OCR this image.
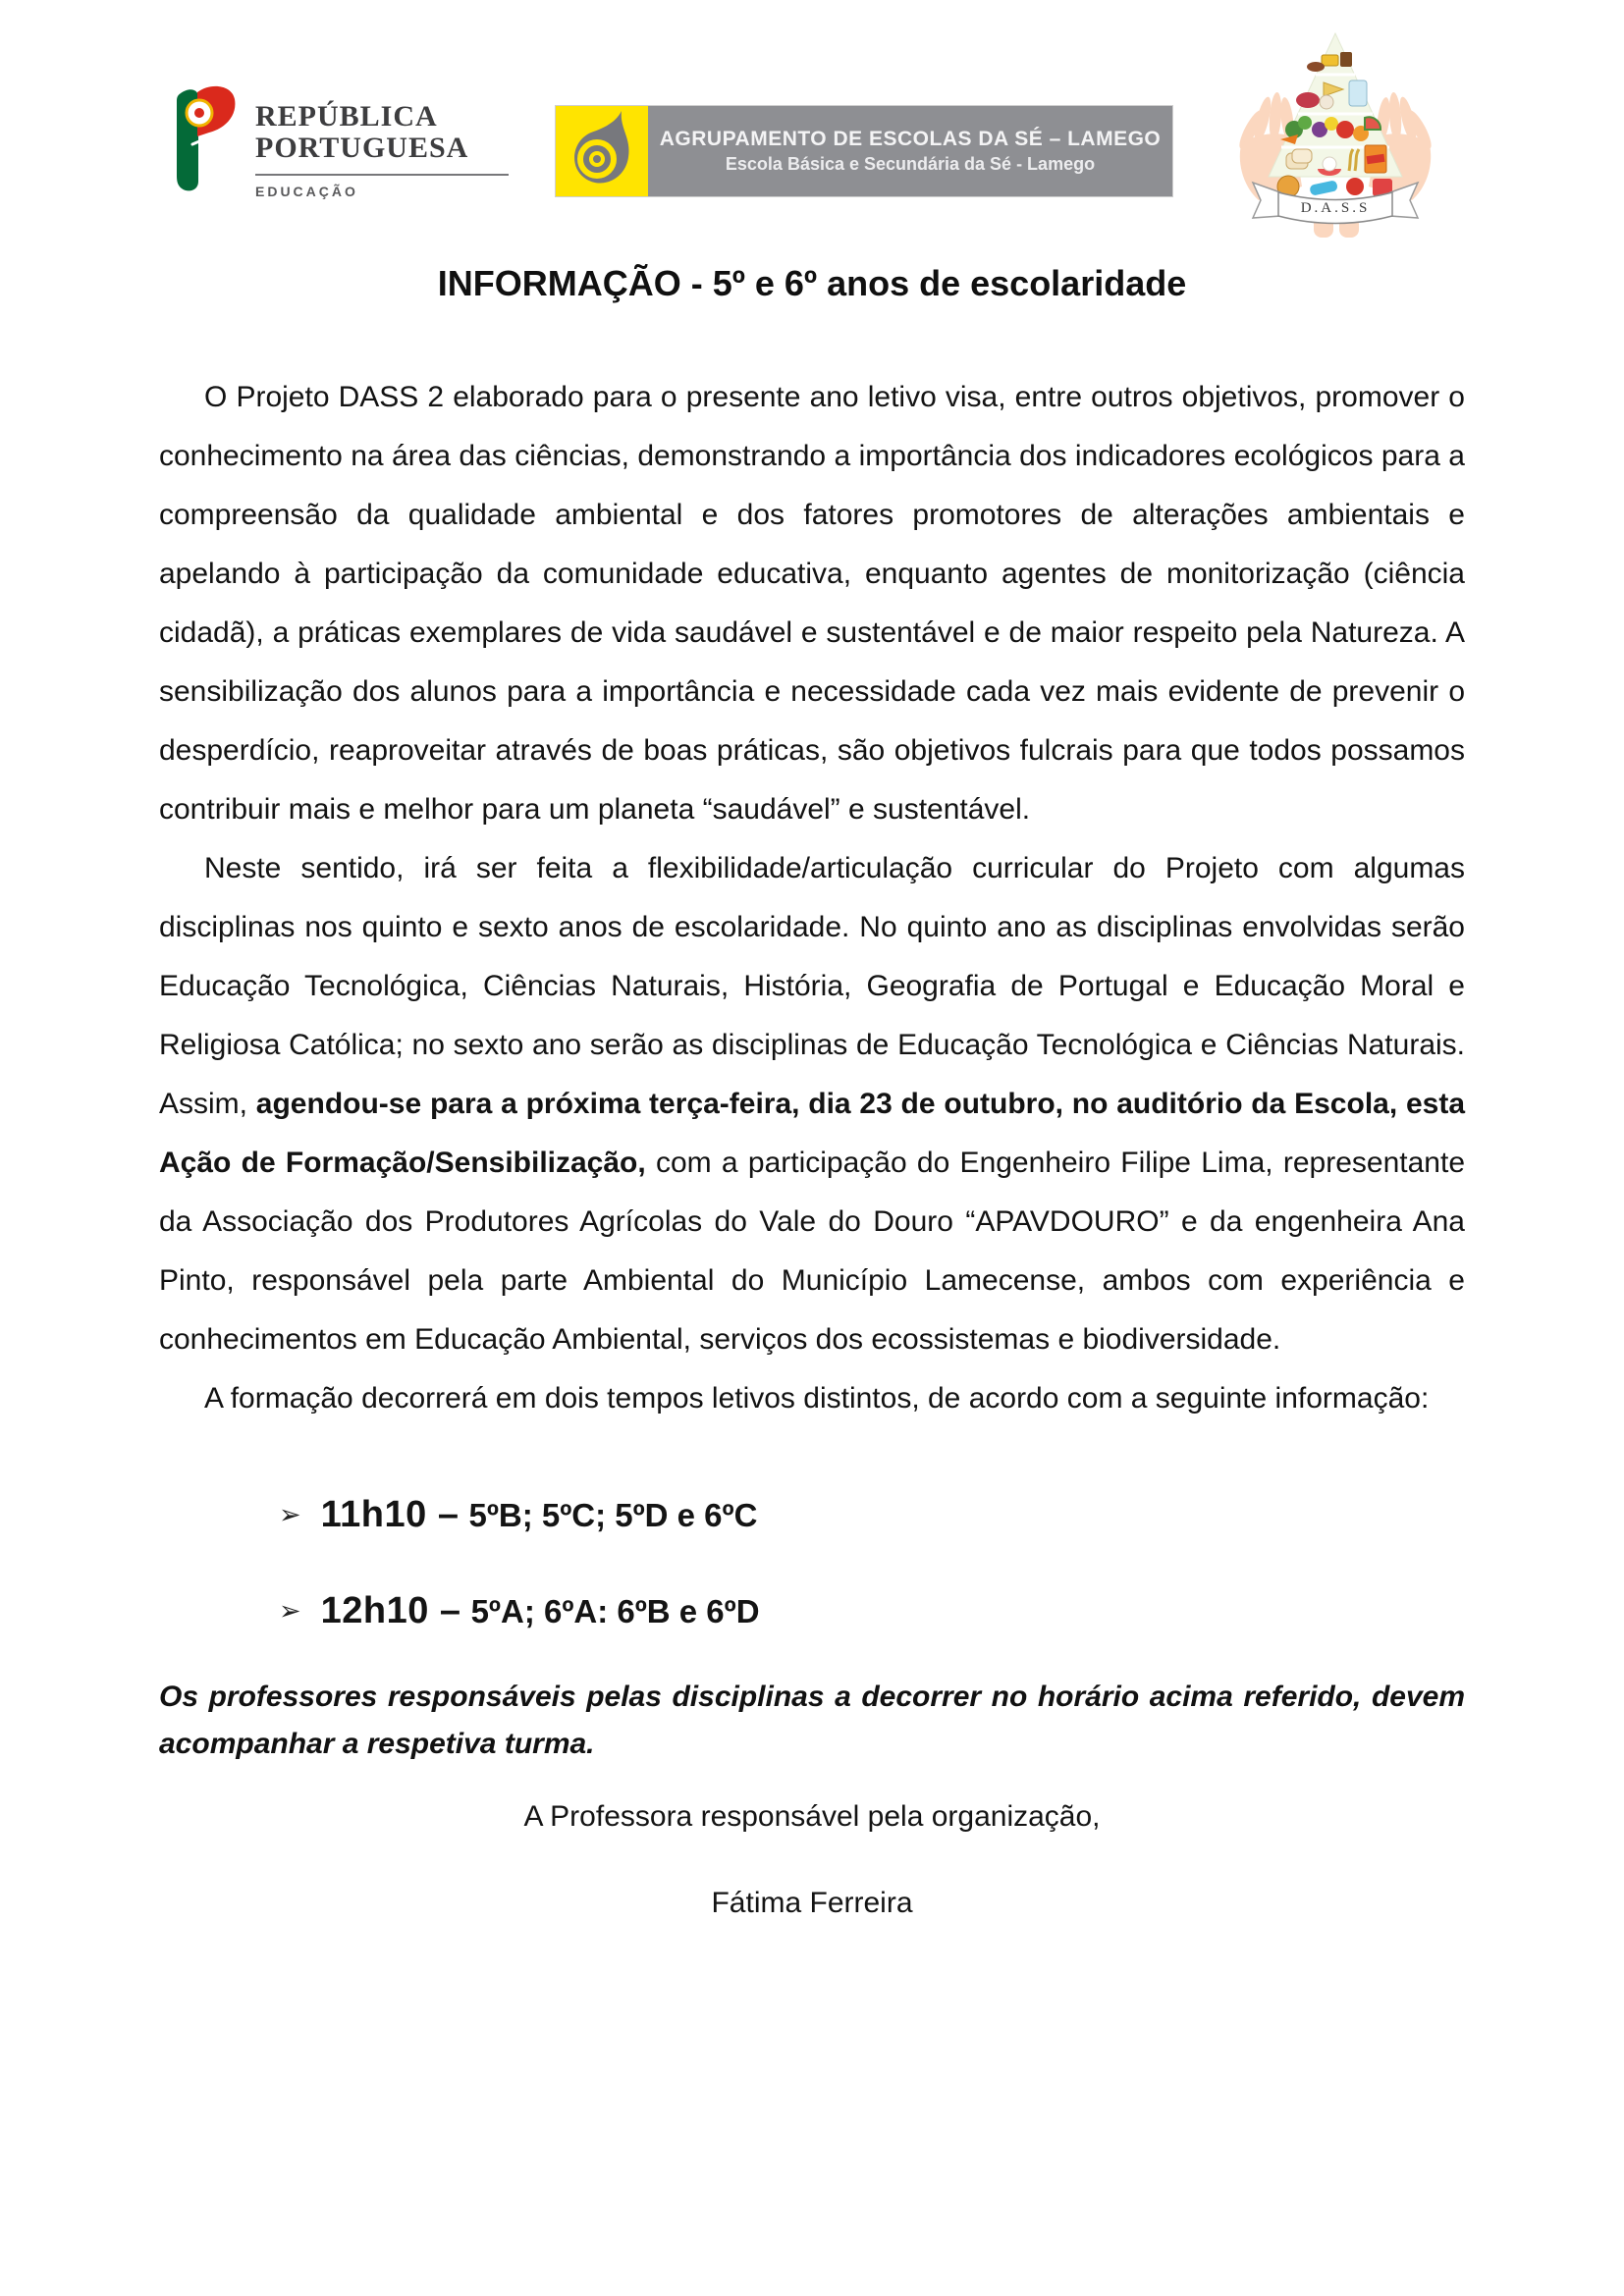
REPÚBLICA
PORTUGUESA
EDUCAÇÃO
AGRUPAMENTO DE ESCOLAS DA SÉ – LAMEGO
Escola Básica e Secundária da Sé - Lamego
D.A.S.S
INFORMAÇÃO - 5º e 6º anos de escolaridade

O Projeto DASS 2 elaborado para o presente ano letivo visa, entre outros objetivos, promover o conhecimento na área das ciências, demonstrando a importância dos indicadores ecológicos para a compreensão da qualidade ambiental e dos fatores promotores de alterações ambientais e apelando à participação da comunidade educativa, enquanto agentes de monitorização (ciência cidadã), a práticas exemplares de vida saudável e sustentável e de maior respeito pela Natureza. A sensibilização dos alunos para a importância e necessidade cada vez mais evidente de prevenir o desperdício, reaproveitar através de boas práticas, são objetivos fulcrais para que todos possamos contribuir mais e melhor para um planeta “saudável” e sustentável.

Neste sentido, irá ser feita a flexibilidade/articulação curricular do Projeto com algumas disciplinas nos quinto e sexto anos de escolaridade. No quinto ano as disciplinas envolvidas serão Educação Tecnológica, Ciências Naturais, História, Geografia de Portugal e Educação Moral e Religiosa Católica; no sexto ano serão as disciplinas de Educação Tecnológica e Ciências Naturais. Assim, agendou-se para a próxima terça-feira, dia 23 de outubro, no auditório da Escola, esta Ação de Formação/Sensibilização, com a participação do Engenheiro Filipe Lima, representante da Associação dos Produtores Agrícolas do Vale do Douro “APAVDOURO” e da engenheira Ana Pinto, responsável pela parte Ambiental do Município Lamecense, ambos com experiência e conhecimentos em Educação Ambiental, serviços dos ecossistemas e biodiversidade.

A formação decorrerá em dois tempos letivos distintos, de acordo com a seguinte informação:

➢ 11h10 – 5ºB; 5ºC; 5ºD e 6ºC
➢ 12h10 – 5ºA; 6ºA: 6ºB e 6ºD

Os professores responsáveis pelas disciplinas a decorrer no horário acima referido, devem acompanhar a respetiva turma.

A Professora responsável pela organização,

Fátima Ferreira
